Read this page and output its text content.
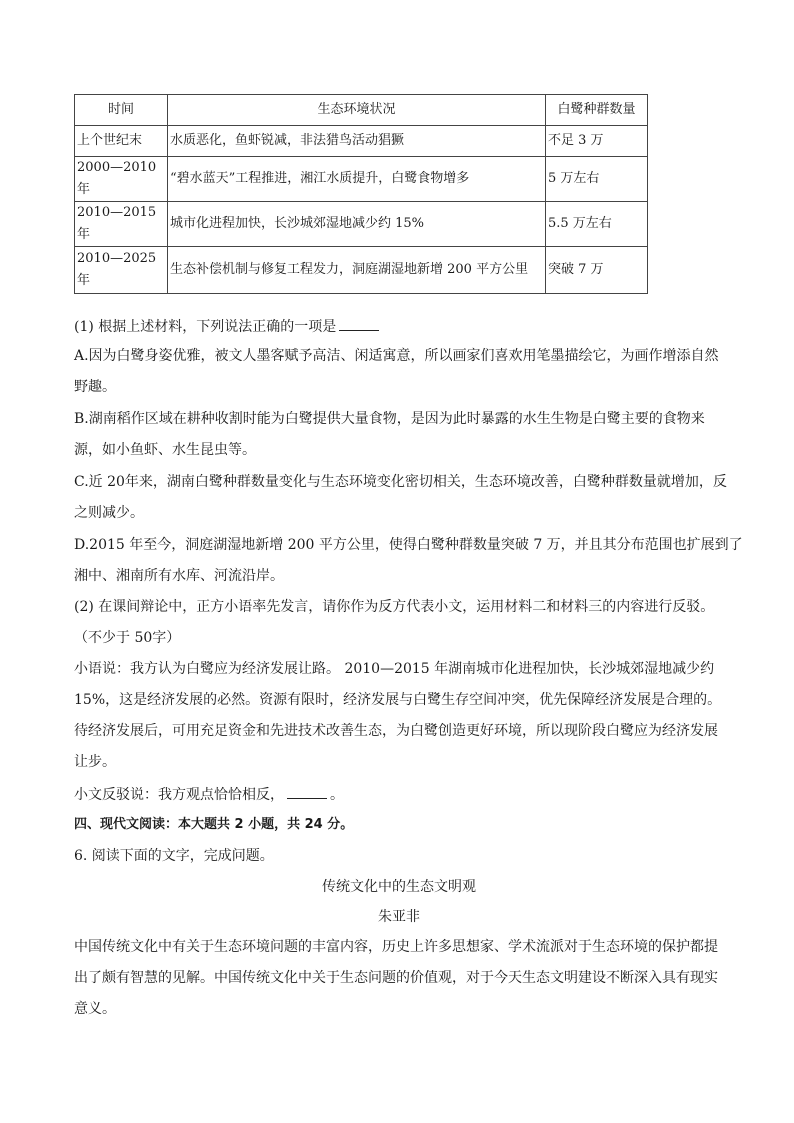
时间	生态环境状况	白鹭种群数量
上个世纪末	水质恶化，鱼虾锐减，非法猎鸟活动猖獗	不足 3 万
2000—2010 年	“碧水蓝天”工程推进，湘江水质提升，白鹭食物增多	5 万左右
2010—2015 年	城市化进程加快，长沙城郊湿地减少约 15%	5.5 万左右
2010—2025 年	生态补偿机制与修复工程发力，洞庭湖湿地新增 200 平方公里	突破 7 万
(1) 根据上述材料，下列说法正确的一项是
A.因为白鹭身姿优雅，被文人墨客赋予高洁、闲适寓意，所以画家们喜欢用笔墨描绘它，为画作增添自然
野趣。
B.湖南稻作区域在耕种收割时能为白鹭提供大量食物，是因为此时暴露的水生生物是白鹭主要的食物来
源，如小鱼虾、水生昆虫等。
C.近 20年来，湖南白鹭种群数量变化与生态环境变化密切相关，生态环境改善，白鹭种群数量就增加，反
之则减少。
D.2015 年至今，洞庭湖湿地新增 200 平方公里，使得白鹭种群数量突破 7 万，并且其分布范围也扩展到了
湘中、湘南所有水库、河流沿岸。
(2) 在课间辩论中，正方小语率先发言，请你作为反方代表小文，运用材料二和材料三的内容进行反驳。
（不少于 50字）
小语说：我方认为白鹭应为经济发展让路。 2010—2015 年湖南城市化进程加快，长沙城郊湿地减少约
15%，这是经济发展的必然。资源有限时，经济发展与白鹭生存空间冲突，优先保障经济发展是合理的。
待经济发展后，可用充足资金和先进技术改善生态，为白鹭创造更好环境，所以现阶段白鹭应为经济发展
让步。
小文反驳说：我方观点恰恰相反，	。
四、现代文阅读：本大题共 2 小题，共 24 分。
6. 阅读下面的文字，完成问题。
传统文化中的生态文明观
朱亚非
中国传统文化中有关于生态环境问题的丰富内容，历史上许多思想家、学术流派对于生态环境的保护都提
出了颇有智慧的见解。中国传统文化中关于生态问题的价值观，对于今天生态文明建设不断深入具有现实
意义。
